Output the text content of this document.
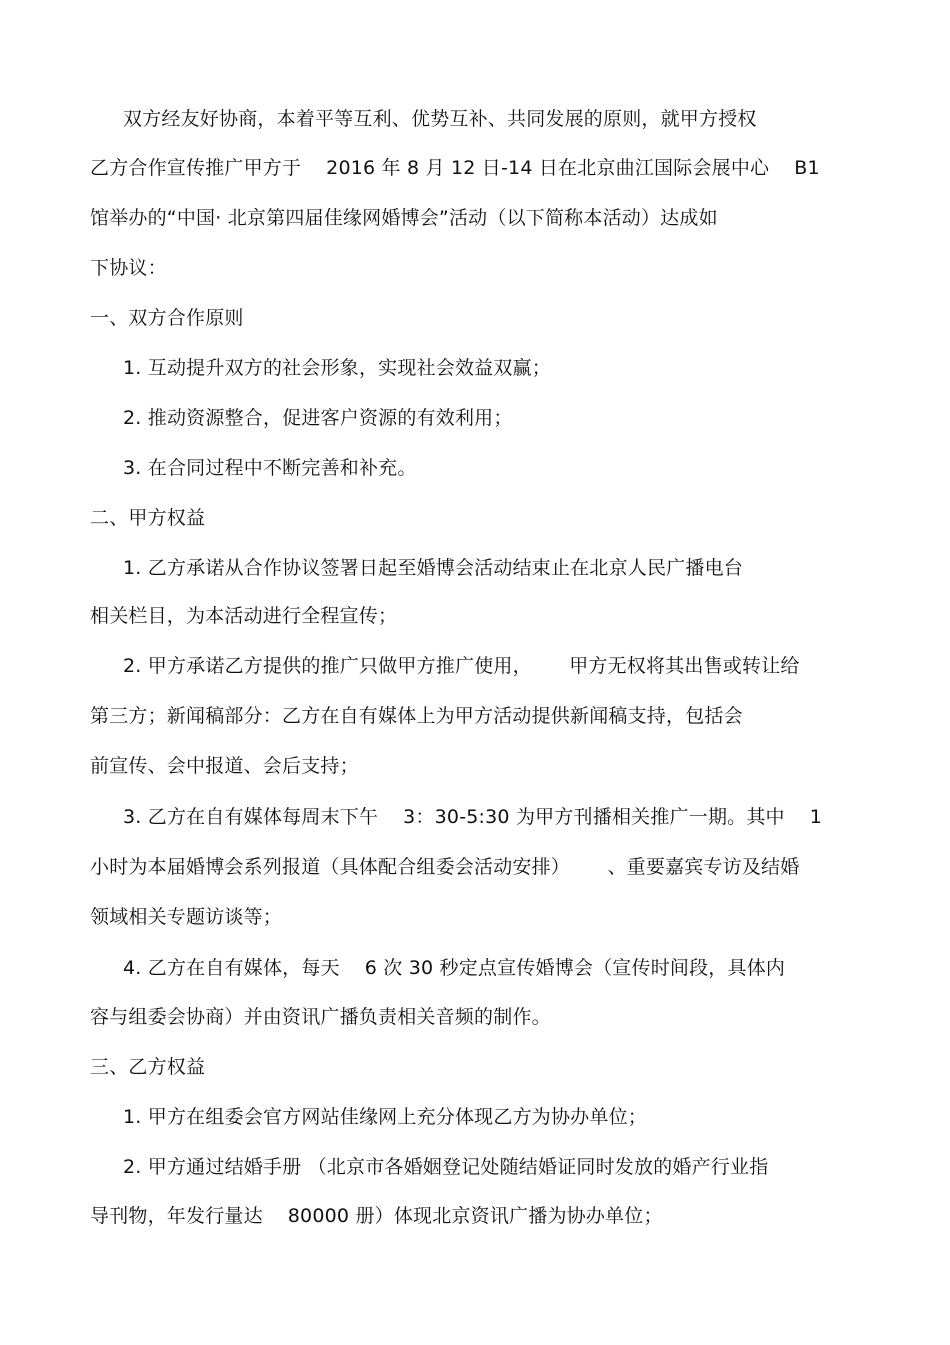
双方经友好协商，本着平等互利、优势互补、共同发展的原则，就甲方授权

乙方合作宣传推广甲方于    2016 年 8 月 12 日-14 日在北京曲江国际会展中心    B1

馆举办的“中国· 北京第四届佳缘网婚博会”活动（以下简称本活动）达成如

下协议：

一、双方合作原则

1. 互动提升双方的社会形象，实现社会效益双赢；

2. 推动资源整合，促进客户资源的有效利用；

3. 在合同过程中不断完善和补充。

二、甲方权益

1. 乙方承诺从合作协议签署日起至婚博会活动结束止在北京人民广播电台

相关栏目，为本活动进行全程宣传；

2. 甲方承诺乙方提供的推广只做甲方推广使用，      甲方无权将其出售或转让给

第三方；新闻稿部分：乙方在自有媒体上为甲方活动提供新闻稿支持，包括会

前宣传、会中报道、会后支持；

3. 乙方在自有媒体每周末下午    3：30-5:30 为甲方刊播相关推广一期。其中    1

小时为本届婚博会系列报道（具体配合组委会活动安排）      、重要嘉宾专访及结婚

领域相关专题访谈等；

4. 乙方在自有媒体，每天    6 次 30 秒定点宣传婚博会（宣传时间段，具体内

容与组委会协商）并由资讯广播负责相关音频的制作。

三、乙方权益

1. 甲方在组委会官方网站佳缘网上充分体现乙方为协办单位；

2. 甲方通过结婚手册 （北京市各婚姻登记处随结婚证同时发放的婚产行业指

导刊物，年发行量达    80000 册）体现北京资讯广播为协办单位；
